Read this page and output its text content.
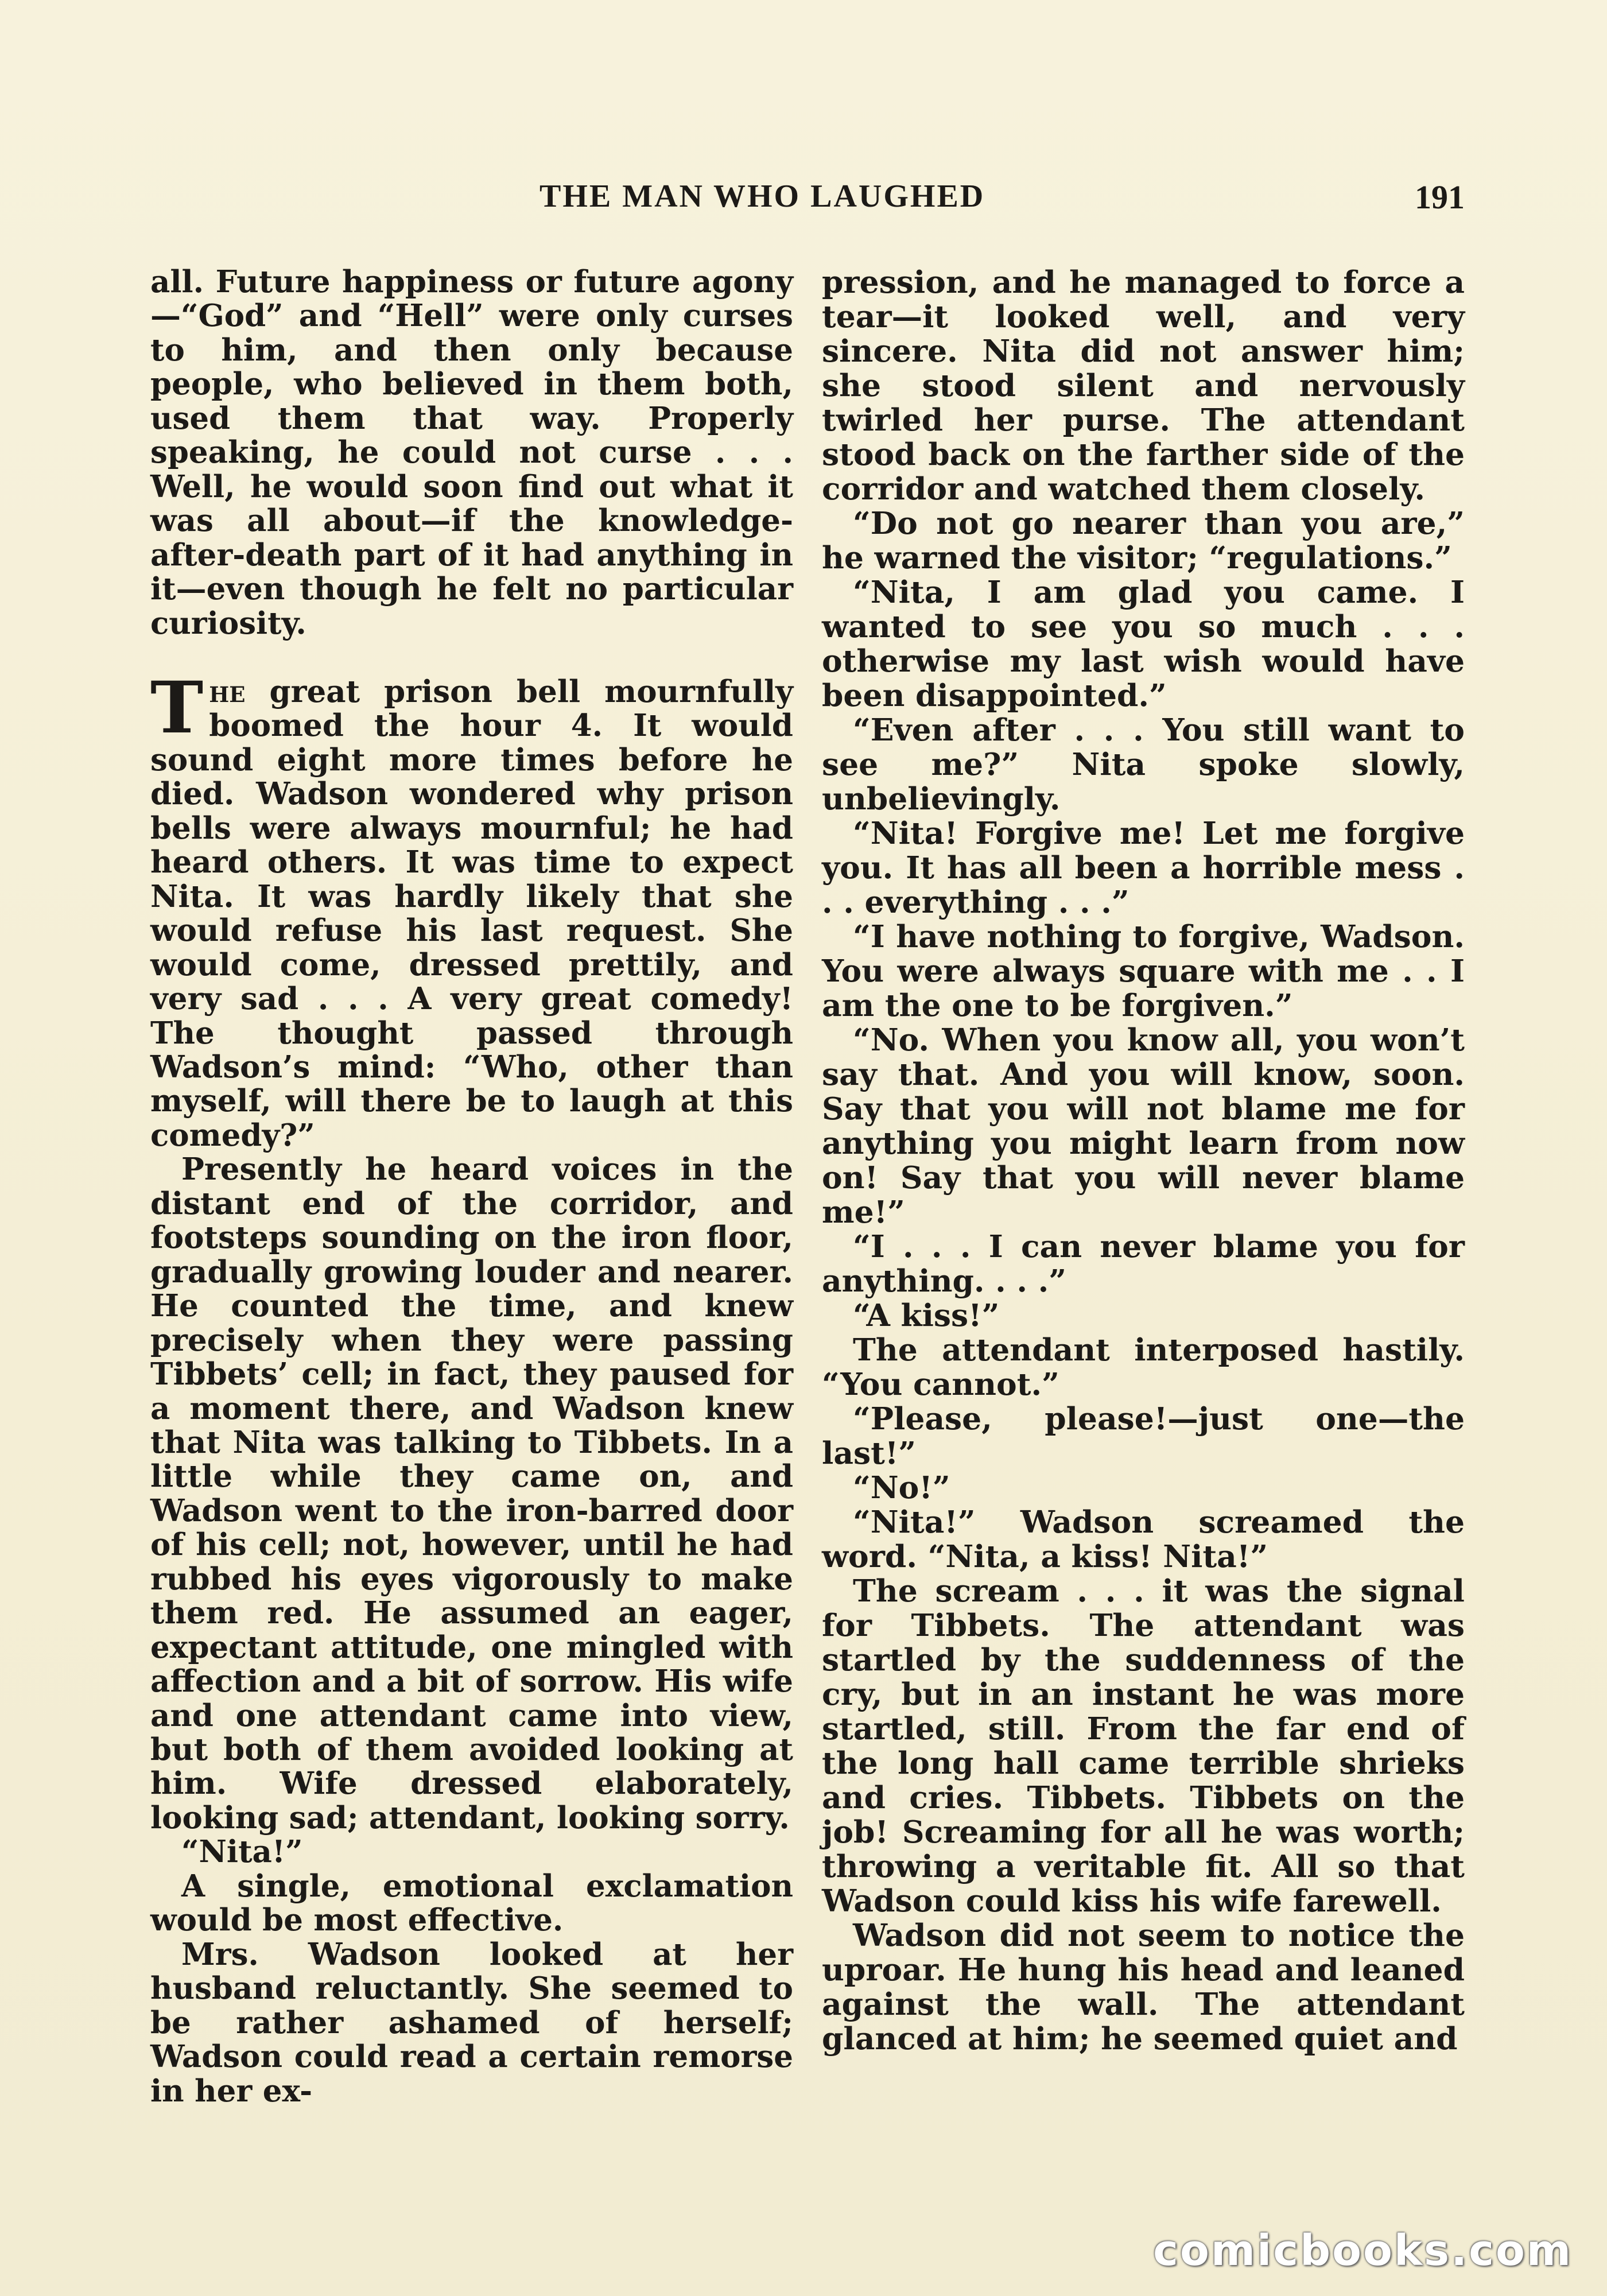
THE MAN WHO LAUGHED	191

all. Future happiness or future agony—“God” and “Hell” were only curses to him, and then only because people, who believed in them both, used them that way. Properly speaking, he could not curse . . . Well, he would soon find out what it was all about—if the knowledge-after-death part of it had anything in it—even though he felt no particular curiosity.

The great prison bell mournfully boomed the hour 4. It would sound eight more times before he died. Wadson wondered why prison bells were always mournful; he had heard others. It was time to expect Nita. It was hardly likely that she would refuse his last request. She would come, dressed prettily, and very sad . . . A very great comedy! The thought passed through Wadson’s mind: “Who, other than myself, will there be to laugh at this comedy?”

Presently he heard voices in the distant end of the corridor, and footsteps sounding on the iron floor, gradually growing louder and nearer. He counted the time, and knew precisely when they were passing Tibbets’ cell; in fact, they paused for a moment there, and Wadson knew that Nita was talking to Tibbets. In a little while they came on, and Wadson went to the iron-barred door of his cell; not, however, until he had rubbed his eyes vigorously to make them red. He assumed an eager, expectant attitude, one mingled with affection and a bit of sorrow. His wife and one attendant came into view, but both of them avoided looking at him. Wife dressed elaborately, looking sad; attendant, looking sorry.

“Nita!”

A single, emotional exclamation would be most effective.

Mrs. Wadson looked at her husband reluctantly. She seemed to be rather ashamed of herself; Wadson could read a certain remorse in her ex-

pression, and he managed to force a tear—it looked well, and very sincere. Nita did not answer him; she stood silent and nervously twirled her purse. The attendant stood back on the farther side of the corridor and watched them closely.

“Do not go nearer than you are,” he warned the visitor; “regulations.”

“Nita, I am glad you came. I wanted to see you so much . . . otherwise my last wish would have been disappointed.”

“Even after . . . You still want to see me?” Nita spoke slowly, unbelievingly.

“Nita! Forgive me! Let me forgive you. It has all been a horrible mess . . . everything . . .”

“I have nothing to forgive, Wadson. You were always square with me . . I am the one to be forgiven.”

“No. When you know all, you won’t say that. And you will know, soon. Say that you will not blame me for anything you might learn from now on! Say that you will never blame me!”

“I . . . I can never blame you for anything. . . .”

“A kiss!”

The attendant interposed hastily. “You cannot.”

“Please, please!—just one—the last!”

“No!”

“Nita!” Wadson screamed the word. “Nita, a kiss! Nita!”

The scream . . . it was the signal for Tibbets. The attendant was startled by the suddenness of the cry, but in an instant he was more startled, still. From the far end of the long hall came terrible shrieks and cries. Tibbets. Tibbets on the job! Screaming for all he was worth; throwing a veritable fit. All so that Wadson could kiss his wife farewell.

Wadson did not seem to notice the uproar. He hung his head and leaned against the wall. The attendant glanced at him; he seemed quiet and

comicbooks.com
